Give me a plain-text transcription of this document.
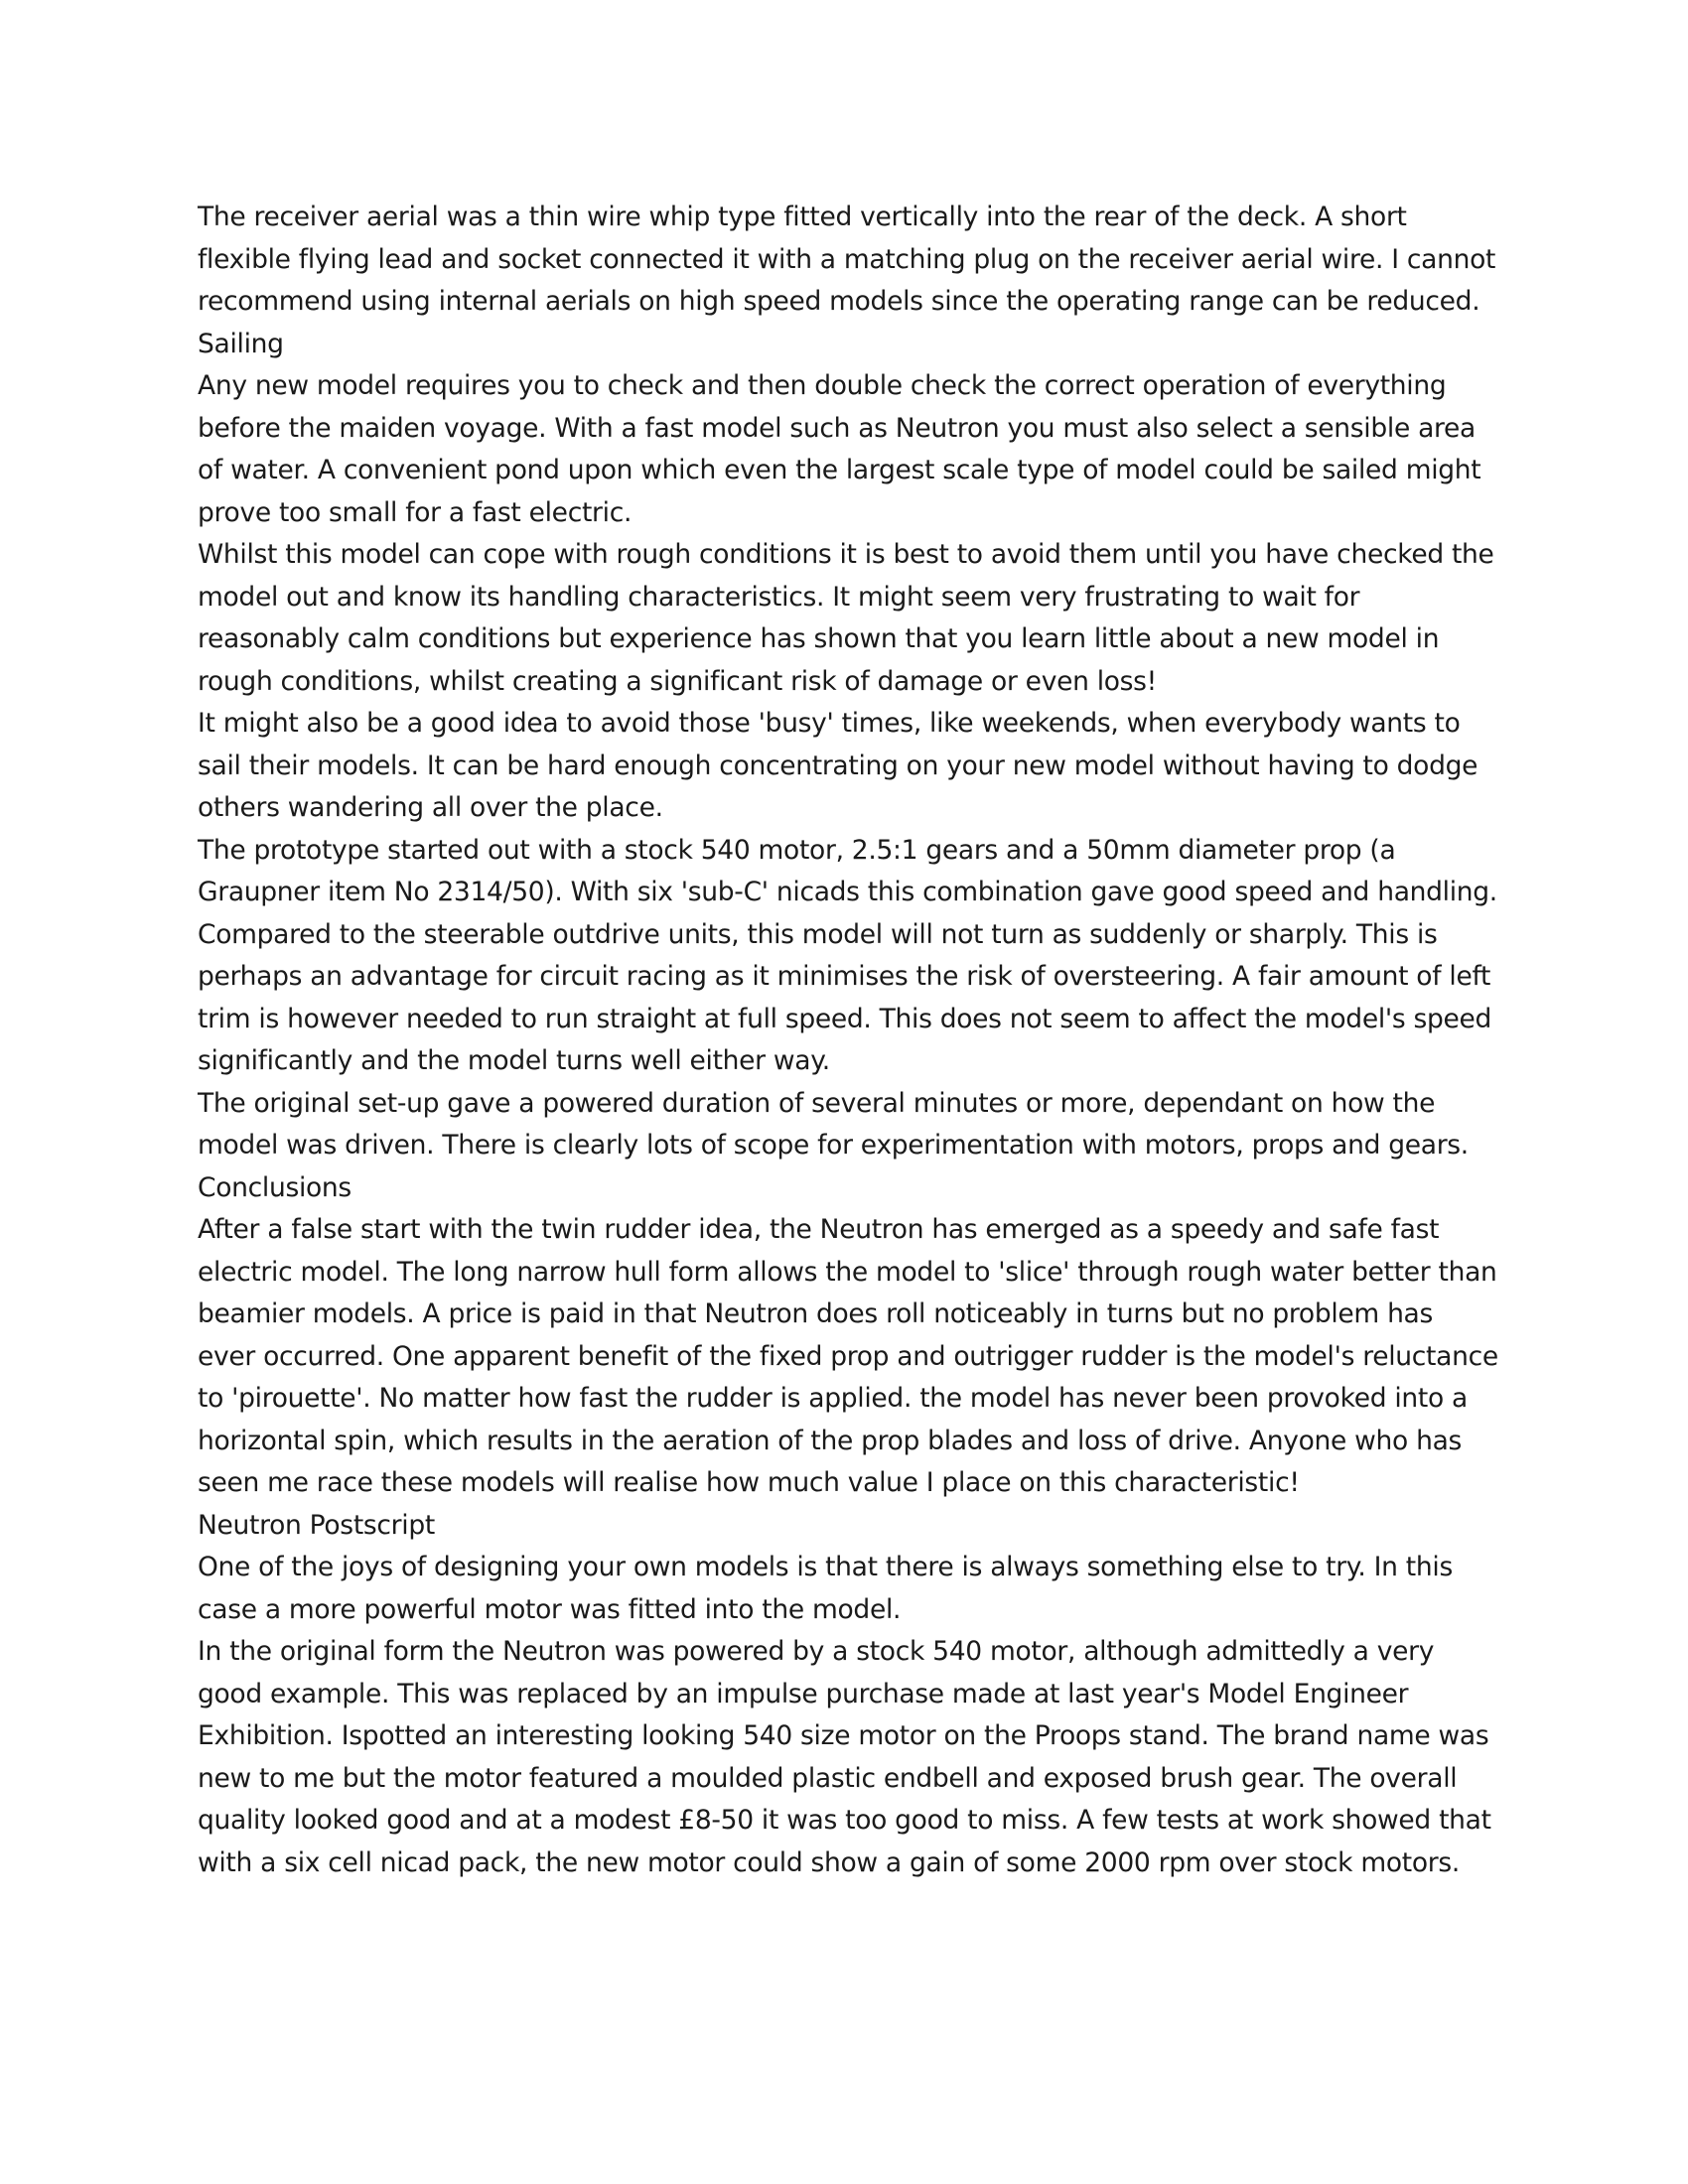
The receiver aerial was a thin wire whip type fitted vertically into the rear of the deck. A short flexible flying lead and socket connected it with a matching plug on the receiver aerial wire. I cannot recommend using internal aerials on high speed models since the operating range can be reduced.

Sailing

Any new model requires you to check and then double check the correct operation of everything before the maiden voyage. With a fast model such as Neutron you must also select a sensible area of water. A convenient pond upon which even the largest scale type of model could be sailed might prove too small for a fast electric.

Whilst this model can cope with rough conditions it is best to avoid them until you have checked the model out and know its handling characteristics. It might seem very frustrating to wait for reasonably calm conditions but experience has shown that you learn little about a new model in rough conditions, whilst creating a significant risk of damage or even loss!

It might also be a good idea to avoid those 'busy' times, like weekends, when everybody wants to sail their models. It can be hard enough concentrating on your new model without having to dodge others wandering all over the place.

The prototype started out with a stock 540 motor, 2.5:1 gears and a 50mm diameter prop (a Graupner item No 2314/50). With six 'sub-C' nicads this combination gave good speed and handling. Compared to the steerable outdrive units, this model will not turn as suddenly or sharply. This is perhaps an advantage for circuit racing as it minimises the risk of oversteering. A fair amount of left trim is however needed to run straight at full speed. This does not seem to affect the model's speed significantly and the model turns well either way.

The original set-up gave a powered duration of several minutes or more, dependant on how the model was driven. There is clearly lots of scope for experimentation with motors, props and gears.

Conclusions

After a false start with the twin rudder idea, the Neutron has emerged as a speedy and safe fast electric model. The long narrow hull form allows the model to 'slice' through rough water better than beamier models. A price is paid in that Neutron does roll noticeably in turns but no problem has ever occurred. One apparent benefit of the fixed prop and outrigger rudder is the model's reluctance to 'pirouette'. No matter how fast the rudder is applied. the model has never been provoked into a horizontal spin, which results in the aeration of the prop blades and loss of drive. Anyone who has seen me race these models will realise how much value I place on this characteristic!

Neutron Postscript

One of the joys of designing your own models is that there is always something else to try. In this case a more powerful motor was fitted into the model.

In the original form the Neutron was powered by a stock 540 motor, although admittedly a very good example. This was replaced by an impulse purchase made at last year's Model Engineer Exhibition. Ispotted an interesting looking 540 size motor on the Proops stand. The brand name was new to me but the motor featured a moulded plastic endbell and exposed brush gear. The overall quality looked good and at a modest £8-50 it was too good to miss. A few tests at work showed that with a six cell nicad pack, the new motor could show a gain of some 2000 rpm over stock motors.
